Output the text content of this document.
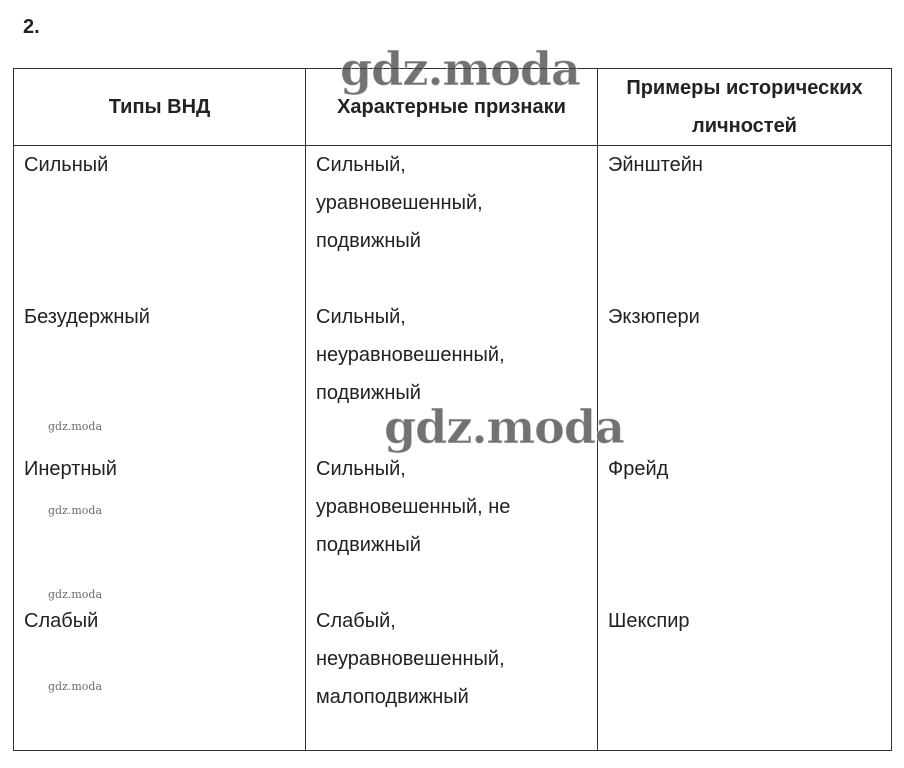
2.
Типы ВНД	Характерные признаки	Примеры исторических личностей

Сильный	Сильный,
уравновешенный,
подвижный	Эйнштейн

Безудержный	Сильный,
неуравновешенный,
подвижный	Экзюпери

Инертный	Сильный,
уравновешенный, не
подвижный	Фрейд

Слабый	Слабый,
неуравновешенный,
малоподвижный	Шекспир
gdz.moda
gdz.moda
gdz.moda
gdz.moda
gdz.moda
gdz.moda
